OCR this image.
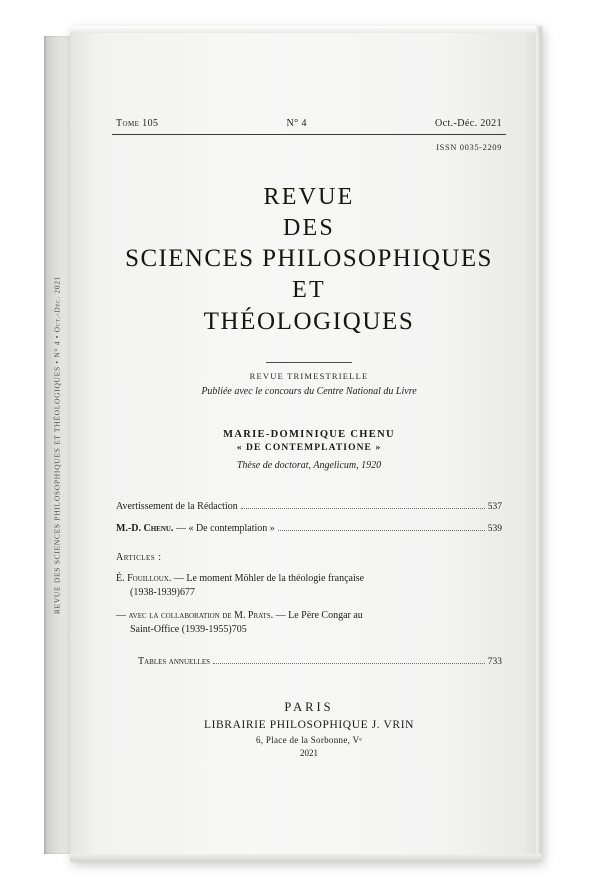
REVUE DES SCIENCES PHILOSOPHIQUES ET THÉOLOGIQUES • N° 4 • Oct.-Déc. 2021
Tome 105	N° 4	Oct.-Déc. 2021
ISSN 0035-2209
REVUE
DES
SCIENCES PHILOSOPHIQUES
ET
THÉOLOGIQUES
REVUE TRIMESTRIELLE
Publiée avec le concours du Centre National du Livre
MARIE-DOMINIQUE CHENU
« DE CONTEMPLATIONE »
Thèse de doctorat, Angelicum, 1920
Avertissement de la Rédaction	537
M.-D. Chenu. — « De contemplation »	539
Articles :
É. Fouilloux. — Le moment Möhler de la théologie française
(1938-1939) 677
— avec la collaboration de M. Prats. — Le Père Congar au
Saint-Office (1939-1955) 705
Tables annuelles	733
PARIS
LIBRAIRIE PHILOSOPHIQUE J. VRIN
6, Place de la Sorbonne, Vᵉ
2021
